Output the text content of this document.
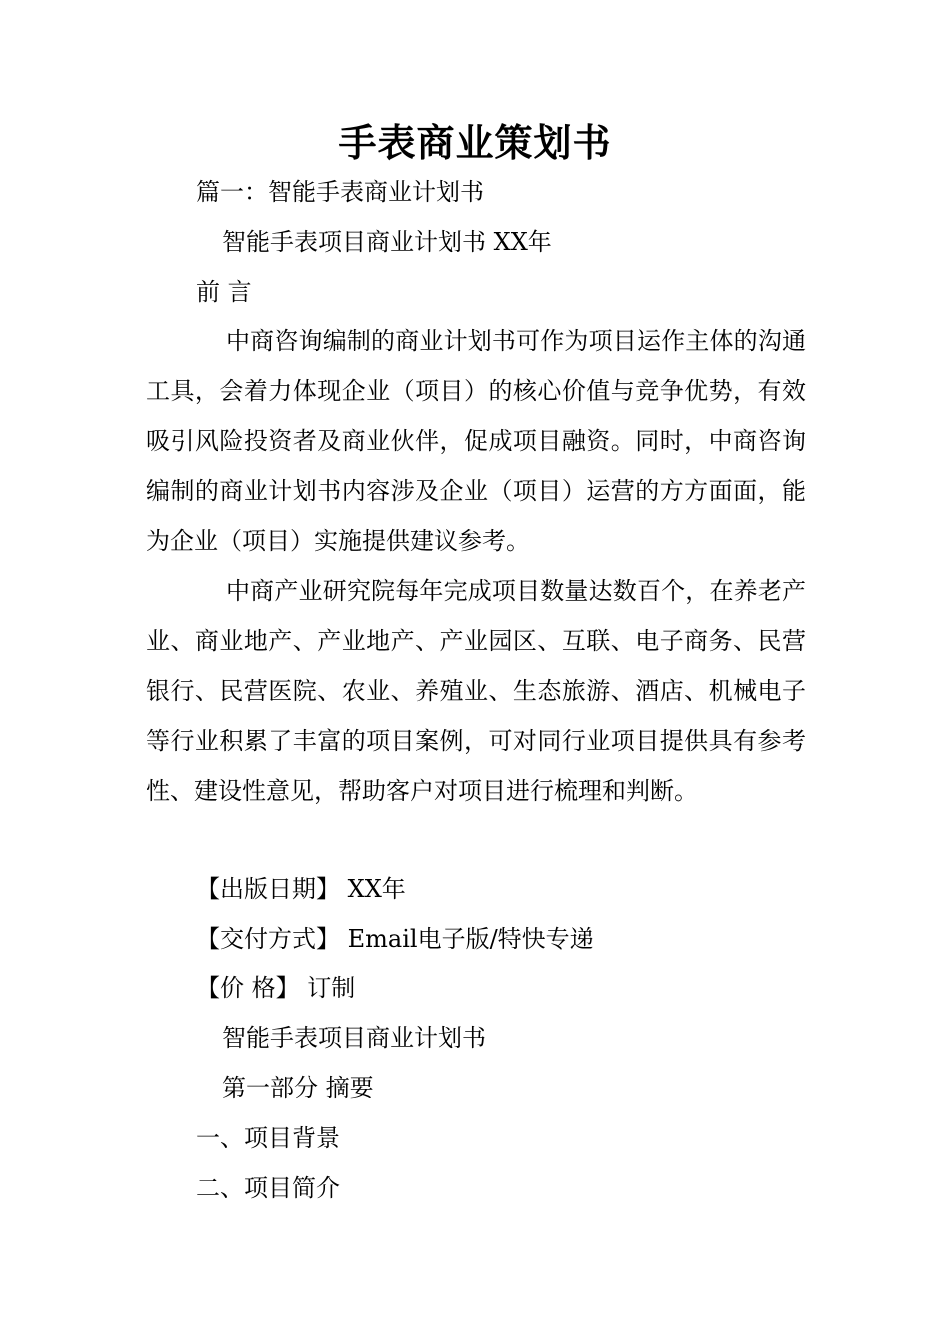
手表商业策划书
篇一：智能手表商业计划书
智能手表项目商业计划书 XX年
前 言
中商咨询编制的商业计划书可作为项目运作主体的沟通工具，会着力体现企业（项目）的核心价值与竞争优势，有效吸引风险投资者及商业伙伴，促成项目融资。同时，中商咨询编制的商业计划书内容涉及企业（项目）运营的方方面面，能为企业（项目）实施提供建议参考。
中商产业研究院每年完成项目数量达数百个，在养老产业、商业地产、产业地产、产业园区、互联、电子商务、民营银行、民营医院、农业、养殖业、生态旅游、酒店、机械电子等行业积累了丰富的项目案例，可对同行业项目提供具有参考性、建设性意见，帮助客户对项目进行梳理和判断。
【出版日期】 XX年
【交付方式】 Email电子版/特快专递
【价 格】 订制
智能手表项目商业计划书
第一部分 摘要
一、项目背景
二、项目简介
